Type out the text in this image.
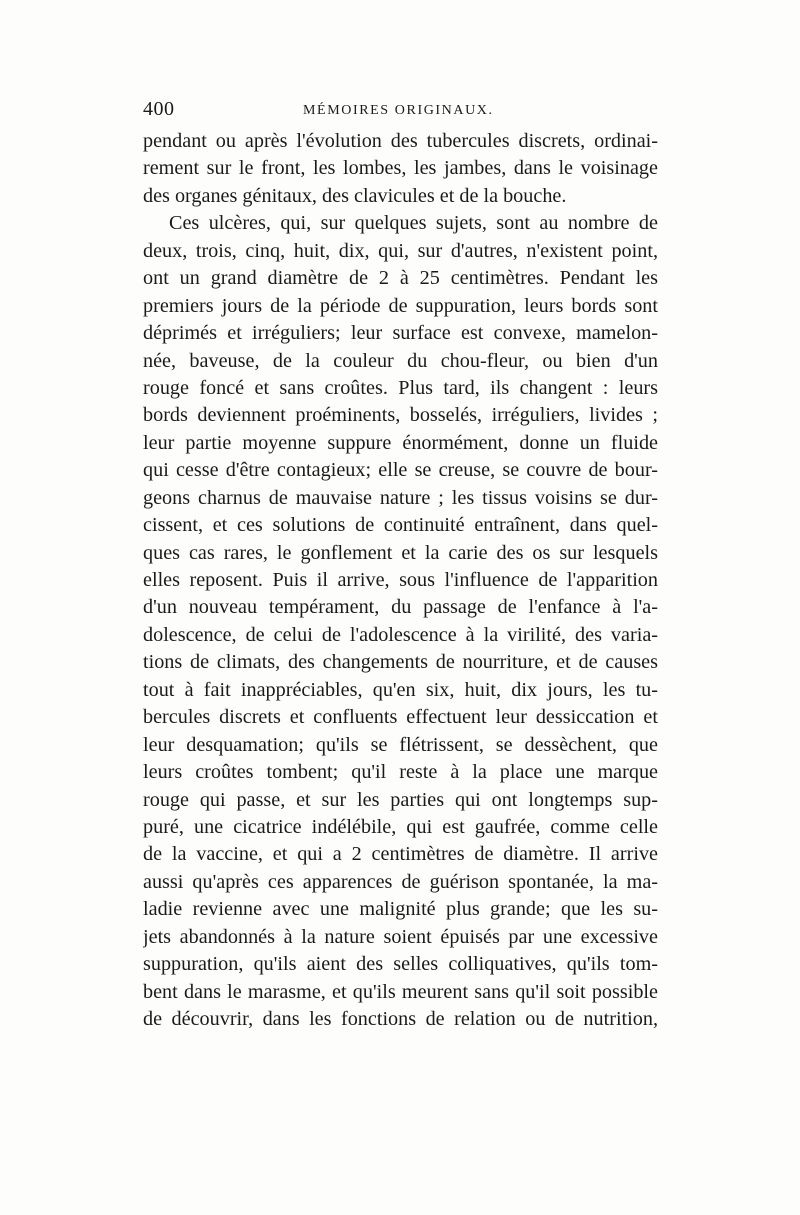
400	MÉMOIRES ORIGINAUX.
pendant ou après l'évolution des tubercules discrets, ordinai-
rement sur le front, les lombes, les jambes, dans le voisinage
des organes génitaux, des clavicules et de la bouche.
Ces ulcères, qui, sur quelques sujets, sont au nombre de
deux, trois, cinq, huit, dix, qui, sur d'autres, n'existent point,
ont un grand diamètre de 2 à 25 centimètres. Pendant les
premiers jours de la période de suppuration, leurs bords sont
déprimés et irréguliers; leur surface est convexe, mamelon-
née, baveuse, de la couleur du chou-fleur, ou bien d'un
rouge foncé et sans croûtes. Plus tard, ils changent : leurs
bords deviennent proéminents, bosselés, irréguliers, livides ;
leur partie moyenne suppure énormément, donne un fluide
qui cesse d'être contagieux; elle se creuse, se couvre de bour-
geons charnus de mauvaise nature ; les tissus voisins se dur-
cissent, et ces solutions de continuité entraînent, dans quel-
ques cas rares, le gonflement et la carie des os sur lesquels
elles reposent. Puis il arrive, sous l'influence de l'apparition
d'un nouveau tempérament, du passage de l'enfance à l'a-
dolescence, de celui de l'adolescence à la virilité, des varia-
tions de climats, des changements de nourriture, et de causes
tout à fait inappréciables, qu'en six, huit, dix jours, les tu-
bercules discrets et confluents effectuent leur dessiccation et
leur desquamation; qu'ils se flétrissent, se dessèchent, que
leurs croûtes tombent; qu'il reste à la place une marque
rouge qui passe, et sur les parties qui ont longtemps sup-
puré, une cicatrice indélébile, qui est gaufrée, comme celle
de la vaccine, et qui a 2 centimètres de diamètre. Il arrive
aussi qu'après ces apparences de guérison spontanée, la ma-
ladie revienne avec une malignité plus grande; que les su-
jets abandonnés à la nature soient épuisés par une excessive
suppuration, qu'ils aient des selles colliquatives, qu'ils tom-
bent dans le marasme, et qu'ils meurent sans qu'il soit possible
de découvrir, dans les fonctions de relation ou de nutrition,
